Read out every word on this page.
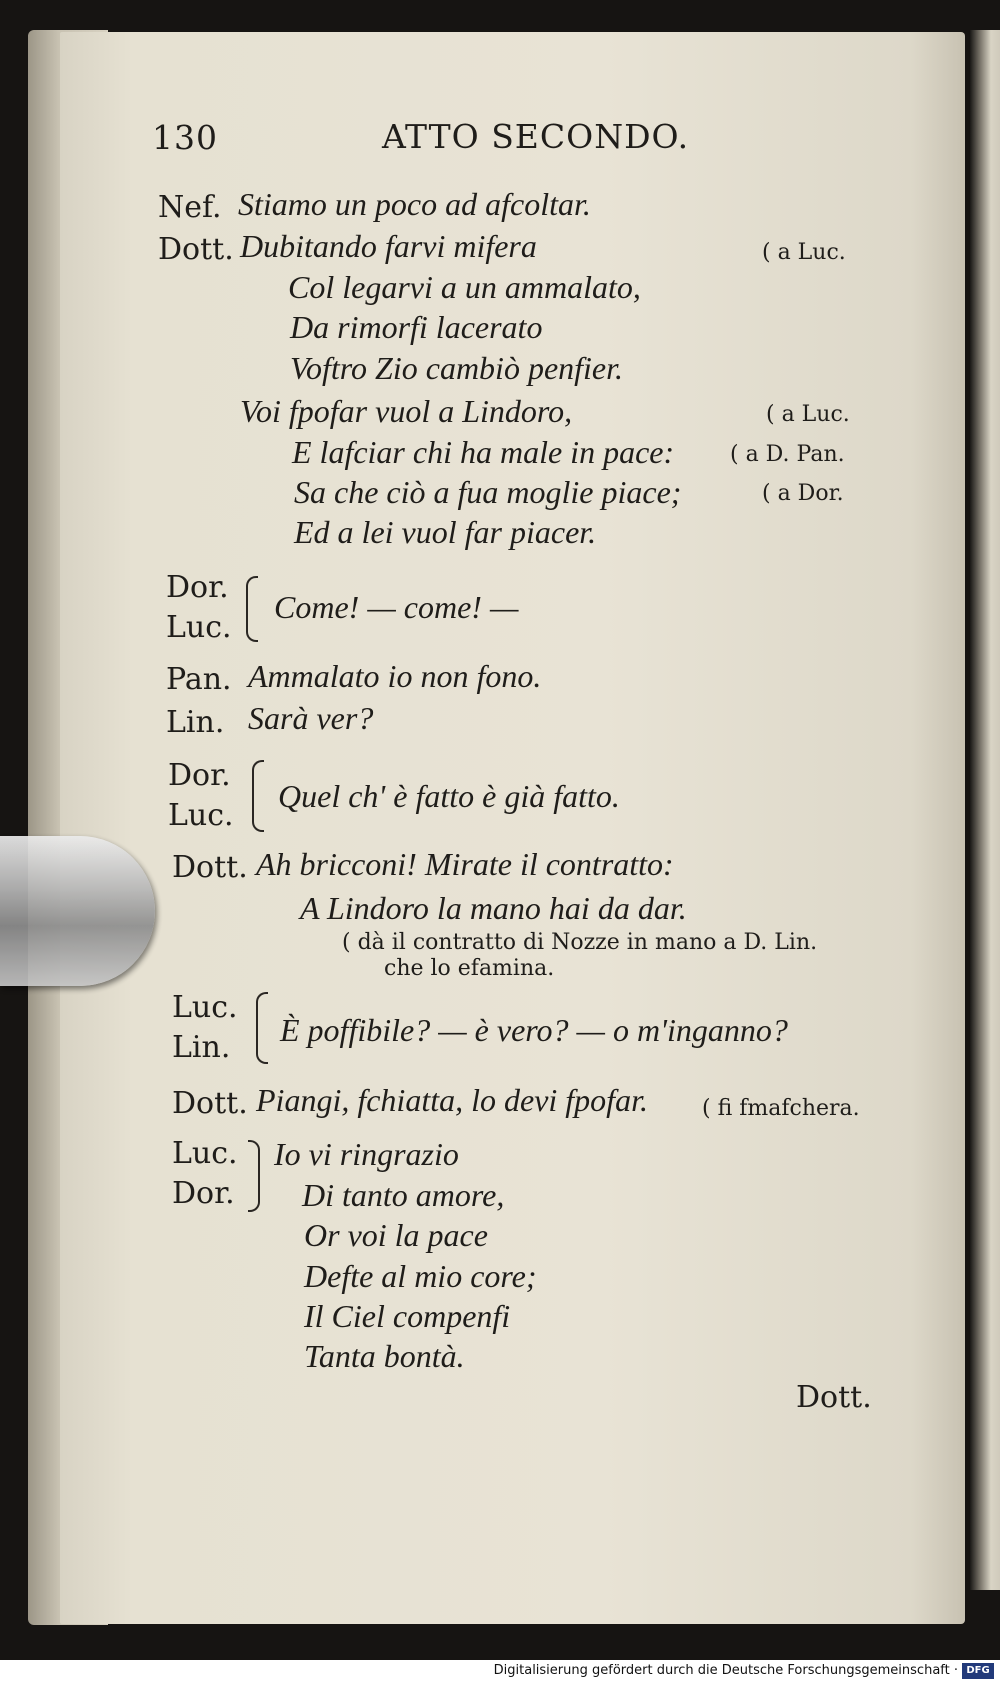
130	ATTO SECONDO.
Nef. Stiamo un poco ad afcoltar.
Dott. Dubitando farvi mifera	( a Luc.
Col legarvi a un ammalato,
Da rimorfi lacerato
Voftro Zio cambiò penfier.
Voi fpofar vuol a Lindoro,	( a Luc.
E lafciar chi ha male in pace:	( a D. Pan.
Sa che ciò a fua moglie piace;	( a Dor.
Ed a lei vuol far piacer.
Dor.
Luc.
Come! — come! —
Pan. Ammalato io non fono.
Lin. Sarà ver?
Dor.
Luc.
Quel ch' è fatto è già fatto.
Dott. Ah bricconi! Mirate il contratto:
A Lindoro la mano hai da dar.
( dà il contratto di Nozze in mano a D. Lin.
che lo efamina.
Luc.
Lin. È poffibile? — è vero? — o m'inganno?
Dott. Piangi, fchiatta, lo devi fpofar. ( fi fmafchera.
Luc.
Dor.
Io vi ringrazio
Di tanto amore,
Or voi la pace
Defte al mio core;
Il Ciel compenfi
Tanta bontà.
Dott.
Digitalisierung gefördert durch die Deutsche Forschungsgemeinschaft · DFG
